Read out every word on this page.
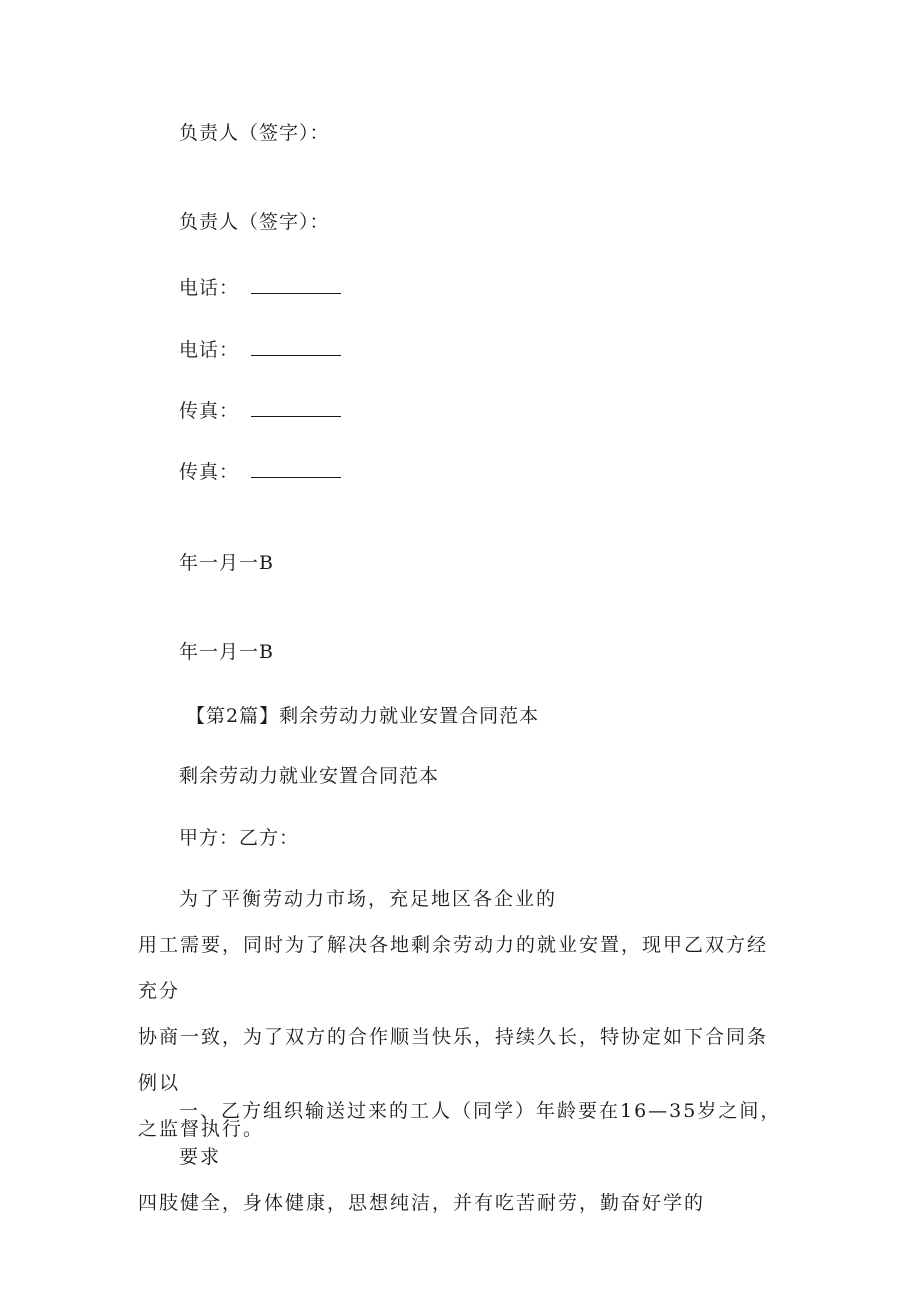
负责人（签字）：
负责人（签字）：
电话：
电话：
传真：
传真：
年一月一B
年一月一B
【第2篇】剩余劳动力就业安置合同范本
剩余劳动力就业安置合同范本
甲方：乙方：
为了平衡劳动力市场，充足地区各企业的
用工需要，同时为了解决各地剩余劳动力的就业安置，现甲乙双方经充分
协商一致，为了双方的合作顺当快乐，持续久长，特协定如下合同条例以
之监督执行。
一、乙方组织输送过来的工人（同学）年龄要在16—35岁之间，要求
四肢健全，身体健康，思想纯洁，并有吃苦耐劳，勤奋好学的
